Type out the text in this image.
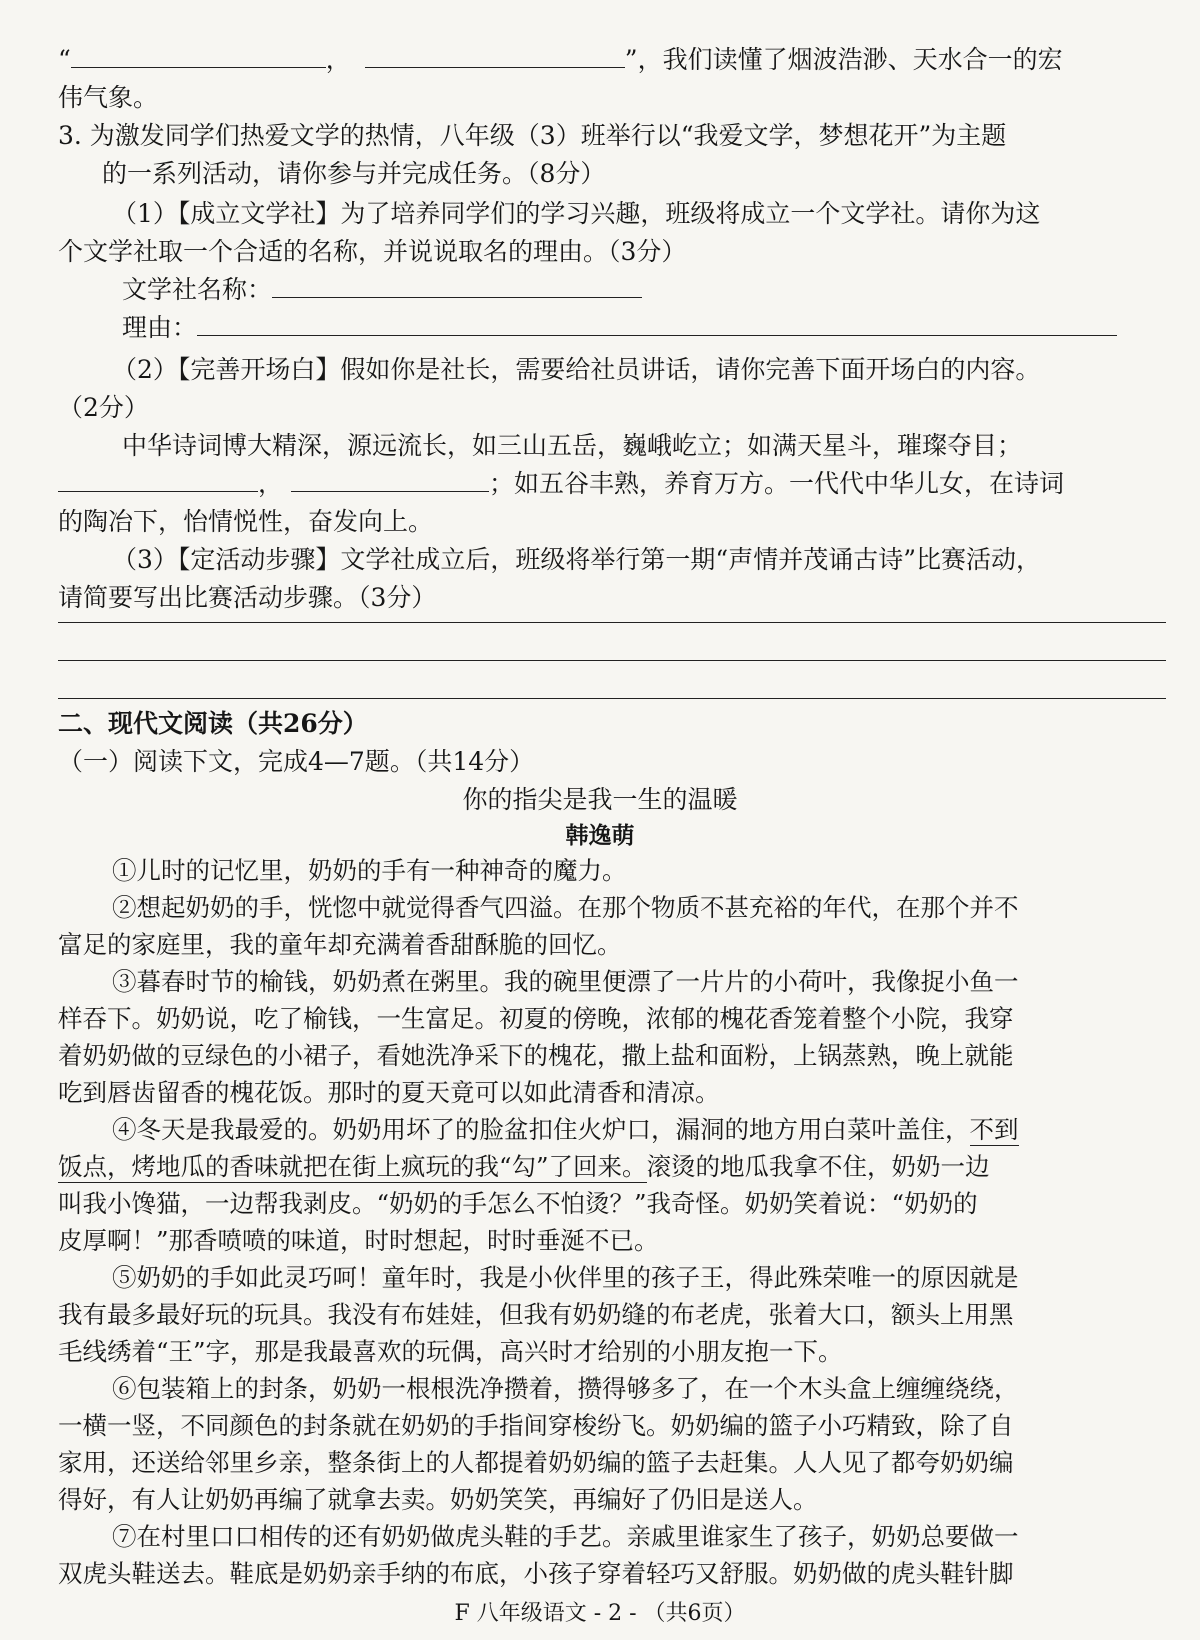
“	，	”，我们读懂了烟波浩渺、天水合一的宏
伟气象。
3. 为激发同学们热爱文学的热情，八年级（3）班举行以“我爱文学，梦想花开”为主题
的一系列活动，请你参与并完成任务。（8分）
（1）【成立文学社】为了培养同学们的学习兴趣，班级将成立一个文学社。请你为这
个文学社取一个合适的名称，并说说取名的理由。（3分）
文学社名称：
理由：
（2）【完善开场白】假如你是社长，需要给社员讲话，请你完善下面开场白的内容。
（2分）
中华诗词博大精深，源远流长，如三山五岳，巍峨屹立；如满天星斗，璀璨夺目；
，	；如五谷丰熟，养育万方。一代代中华儿女，在诗词
的陶冶下，怡情悦性，奋发向上。
（3）【定活动步骤】文学社成立后，班级将举行第一期“声情并茂诵古诗”比赛活动，
请简要写出比赛活动步骤。（3分）
二、现代文阅读（共26分）
（一）阅读下文，完成4—7题。（共14分）
你的指尖是我一生的温暖
韩逸萌
①儿时的记忆里，奶奶的手有一种神奇的魔力。
②想起奶奶的手，恍惚中就觉得香气四溢。在那个物质不甚充裕的年代，在那个并不
富足的家庭里，我的童年却充满着香甜酥脆的回忆。
③暮春时节的榆钱，奶奶煮在粥里。我的碗里便漂了一片片的小荷叶，我像捉小鱼一
样吞下。奶奶说，吃了榆钱，一生富足。初夏的傍晚，浓郁的槐花香笼着整个小院，我穿
着奶奶做的豆绿色的小裙子，看她洗净采下的槐花，撒上盐和面粉，上锅蒸熟，晚上就能
吃到唇齿留香的槐花饭。那时的夏天竟可以如此清香和清凉。
④冬天是我最爱的。奶奶用坏了的脸盆扣住火炉口，漏洞的地方用白菜叶盖住，不到
饭点，烤地瓜的香味就把在街上疯玩的我“勾”了回来。滚烫的地瓜我拿不住，奶奶一边
叫我小馋猫，一边帮我剥皮。“奶奶的手怎么不怕烫？”我奇怪。奶奶笑着说：“奶奶的
皮厚啊！”那香喷喷的味道，时时想起，时时垂涎不已。
⑤奶奶的手如此灵巧呵！童年时，我是小伙伴里的孩子王，得此殊荣唯一的原因就是
我有最多最好玩的玩具。我没有布娃娃，但我有奶奶缝的布老虎，张着大口，额头上用黑
毛线绣着“王”字，那是我最喜欢的玩偶，高兴时才给别的小朋友抱一下。
⑥包装箱上的封条，奶奶一根根洗净攒着，攒得够多了，在一个木头盒上缠缠绕绕，
一横一竖，不同颜色的封条就在奶奶的手指间穿梭纷飞。奶奶编的篮子小巧精致，除了自
家用，还送给邻里乡亲，整条街上的人都提着奶奶编的篮子去赶集。人人见了都夸奶奶编
得好，有人让奶奶再编了就拿去卖。奶奶笑笑，再编好了仍旧是送人。
⑦在村里口口相传的还有奶奶做虎头鞋的手艺。亲戚里谁家生了孩子，奶奶总要做一
双虎头鞋送去。鞋底是奶奶亲手纳的布底，小孩子穿着轻巧又舒服。奶奶做的虎头鞋针脚
F 八年级语文 - 2 - （共6页）
